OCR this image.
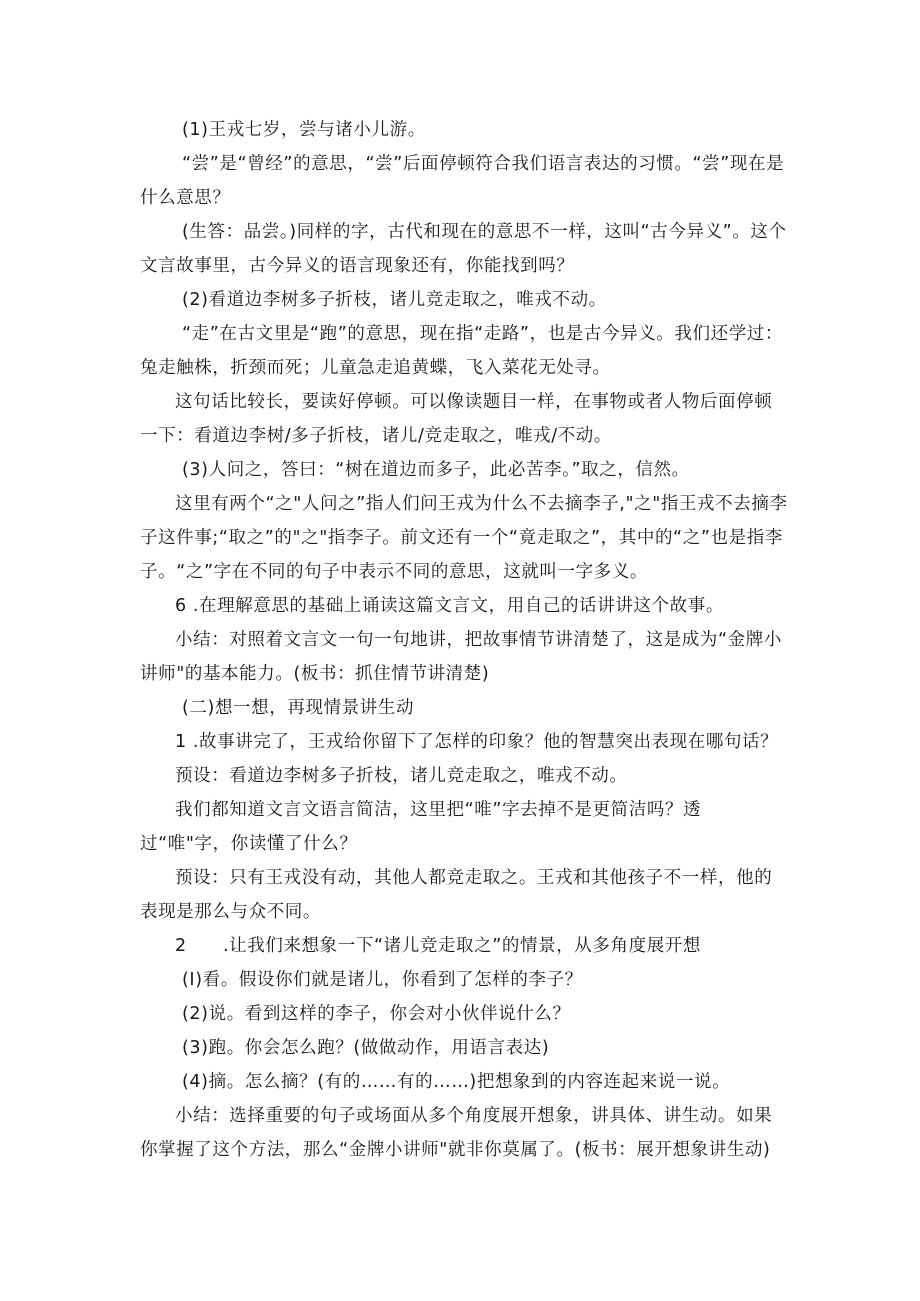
(1)王戎七岁，尝与诸小儿游。

“尝”是“曾经”的意思，“尝”后面停顿符合我们语言表达的习惯。“尝”现在是什么意思？

(生答：品尝。)同样的字，古代和现在的意思不一样，这叫“古今异义”。这个文言故事里，古今异义的语言现象还有，你能找到吗？

(2)看道边李树多子折枝，诸儿竞走取之，唯戎不动。

“走”在古文里是“跑”的意思，现在指“走路”，也是古今异义。我们还学过：兔走触株，折颈而死；儿童急走追黄蝶，飞入菜花无处寻。

这句话比较长，要读好停顿。可以像读题目一样，在事物或者人物后面停顿一下：看道边李树/多子折枝，诸儿/竞走取之，唯戎/不动。

(3)人问之，答曰：“树在道边而多子，此必苦李。”取之，信然。

这里有两个“之"人问之”指人们问王戎为什么不去摘李子,"之"指王戎不去摘李子这件事;“取之”的"之"指李子。前文还有一个“竟走取之”，其中的“之”也是指李子。“之”字在不同的句子中表示不同的意思，这就叫一字多义。

6 .在理解意思的基础上诵读这篇文言文，用自己的话讲讲这个故事。

小结：对照着文言文一句一句地讲，把故事情节讲清楚了，这是成为“金牌小讲师"的基本能力。(板书：抓住情节讲清楚)

(二)想一想，再现情景讲生动

1 .故事讲完了，王戎给你留下了怎样的印象？他的智慧突出表现在哪句话？

预设：看道边李树多子折枝，诸儿竞走取之，唯戎不动。

我们都知道文言文语言简洁，这里把“唯”字去掉不是更简洁吗？透过“唯"字，你读懂了什么？

预设：只有王戎没有动，其他人都竞走取之。王戎和其他孩子不一样，他的表现是那么与众不同。

2 .让我们来想象一下“诸儿竞走取之”的情景，从多角度展开想

(I)看。假设你们就是诸儿，你看到了怎样的李子？

(2)说。看到这样的李子，你会对小伙伴说什么？

(3)跑。你会怎么跑？(做做动作，用语言表达)

(4)摘。怎么摘？(有的……有的……)把想象到的内容连起来说一说。

小结：选择重要的句子或场面从多个角度展开想象，讲具体、讲生动。如果你掌握了这个方法，那么“金牌小讲师"就非你莫属了。(板书：展开想象讲生动)
